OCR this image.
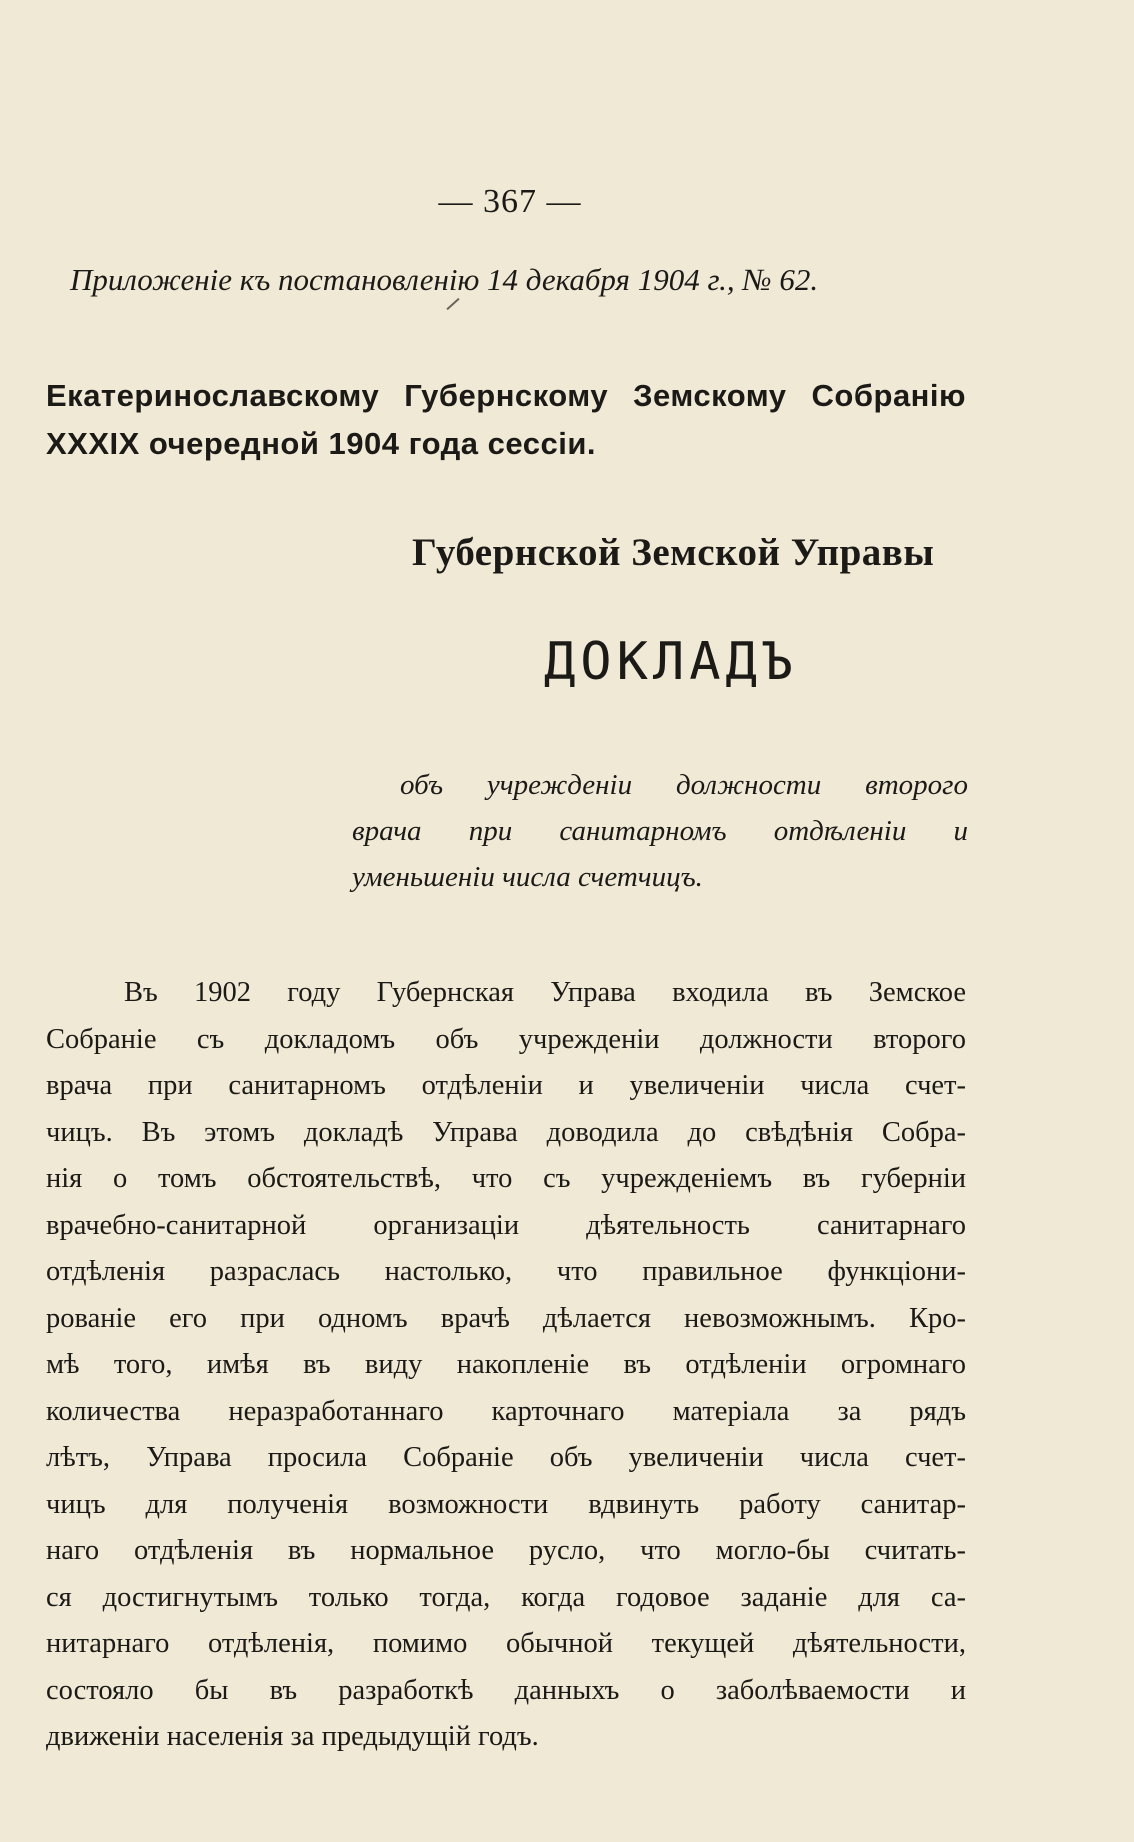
— 367 —
Приложеніе къ постановленію 14 декабря 1904 г., № 62.
Екатеринославскому Губернскому Земскому Собранію
XXXIX очередной 1904 года сессіи.
Губернской Земской Управы
ДОКЛАДЪ
объ учрежденіи должности второго
врача при санитарномъ отдѣленіи и
уменьшеніи числа счетчицъ.
Въ 1902 году Губернская Управа входила въ Земское
Собраніе съ докладомъ объ учрежденіи должности второго
врача при санитарномъ отдѣленіи и увеличеніи числа счет-
чицъ. Въ этомъ докладѣ Управа доводила до свѣдѣнія Собра-
нія о томъ обстоятельствѣ, что съ учрежденіемъ въ губерніи
врачебно-санитарной организаціи дѣятельность санитарнаго
отдѣленія разраслась настолько, что правильное функціони-
рованіе его при одномъ врачѣ дѣлается невозможнымъ. Кро-
мѣ того, имѣя въ виду накопленіе въ отдѣленіи огромнаго
количества неразработаннаго карточнаго матеріала за рядъ
лѣтъ, Управа просила Собраніе объ увеличеніи числа счет-
чицъ для полученія возможности вдвинуть работу санитар-
наго отдѣленія въ нормальное русло, что могло-бы считать-
ся достигнутымъ только тогда, когда годовое заданіе для са-
нитарнаго отдѣленія, помимо обычной текущей дѣятельности,
состояло бы въ разработкѣ данныхъ о заболѣваемости и
движеніи населенія за предыдущій годъ.
